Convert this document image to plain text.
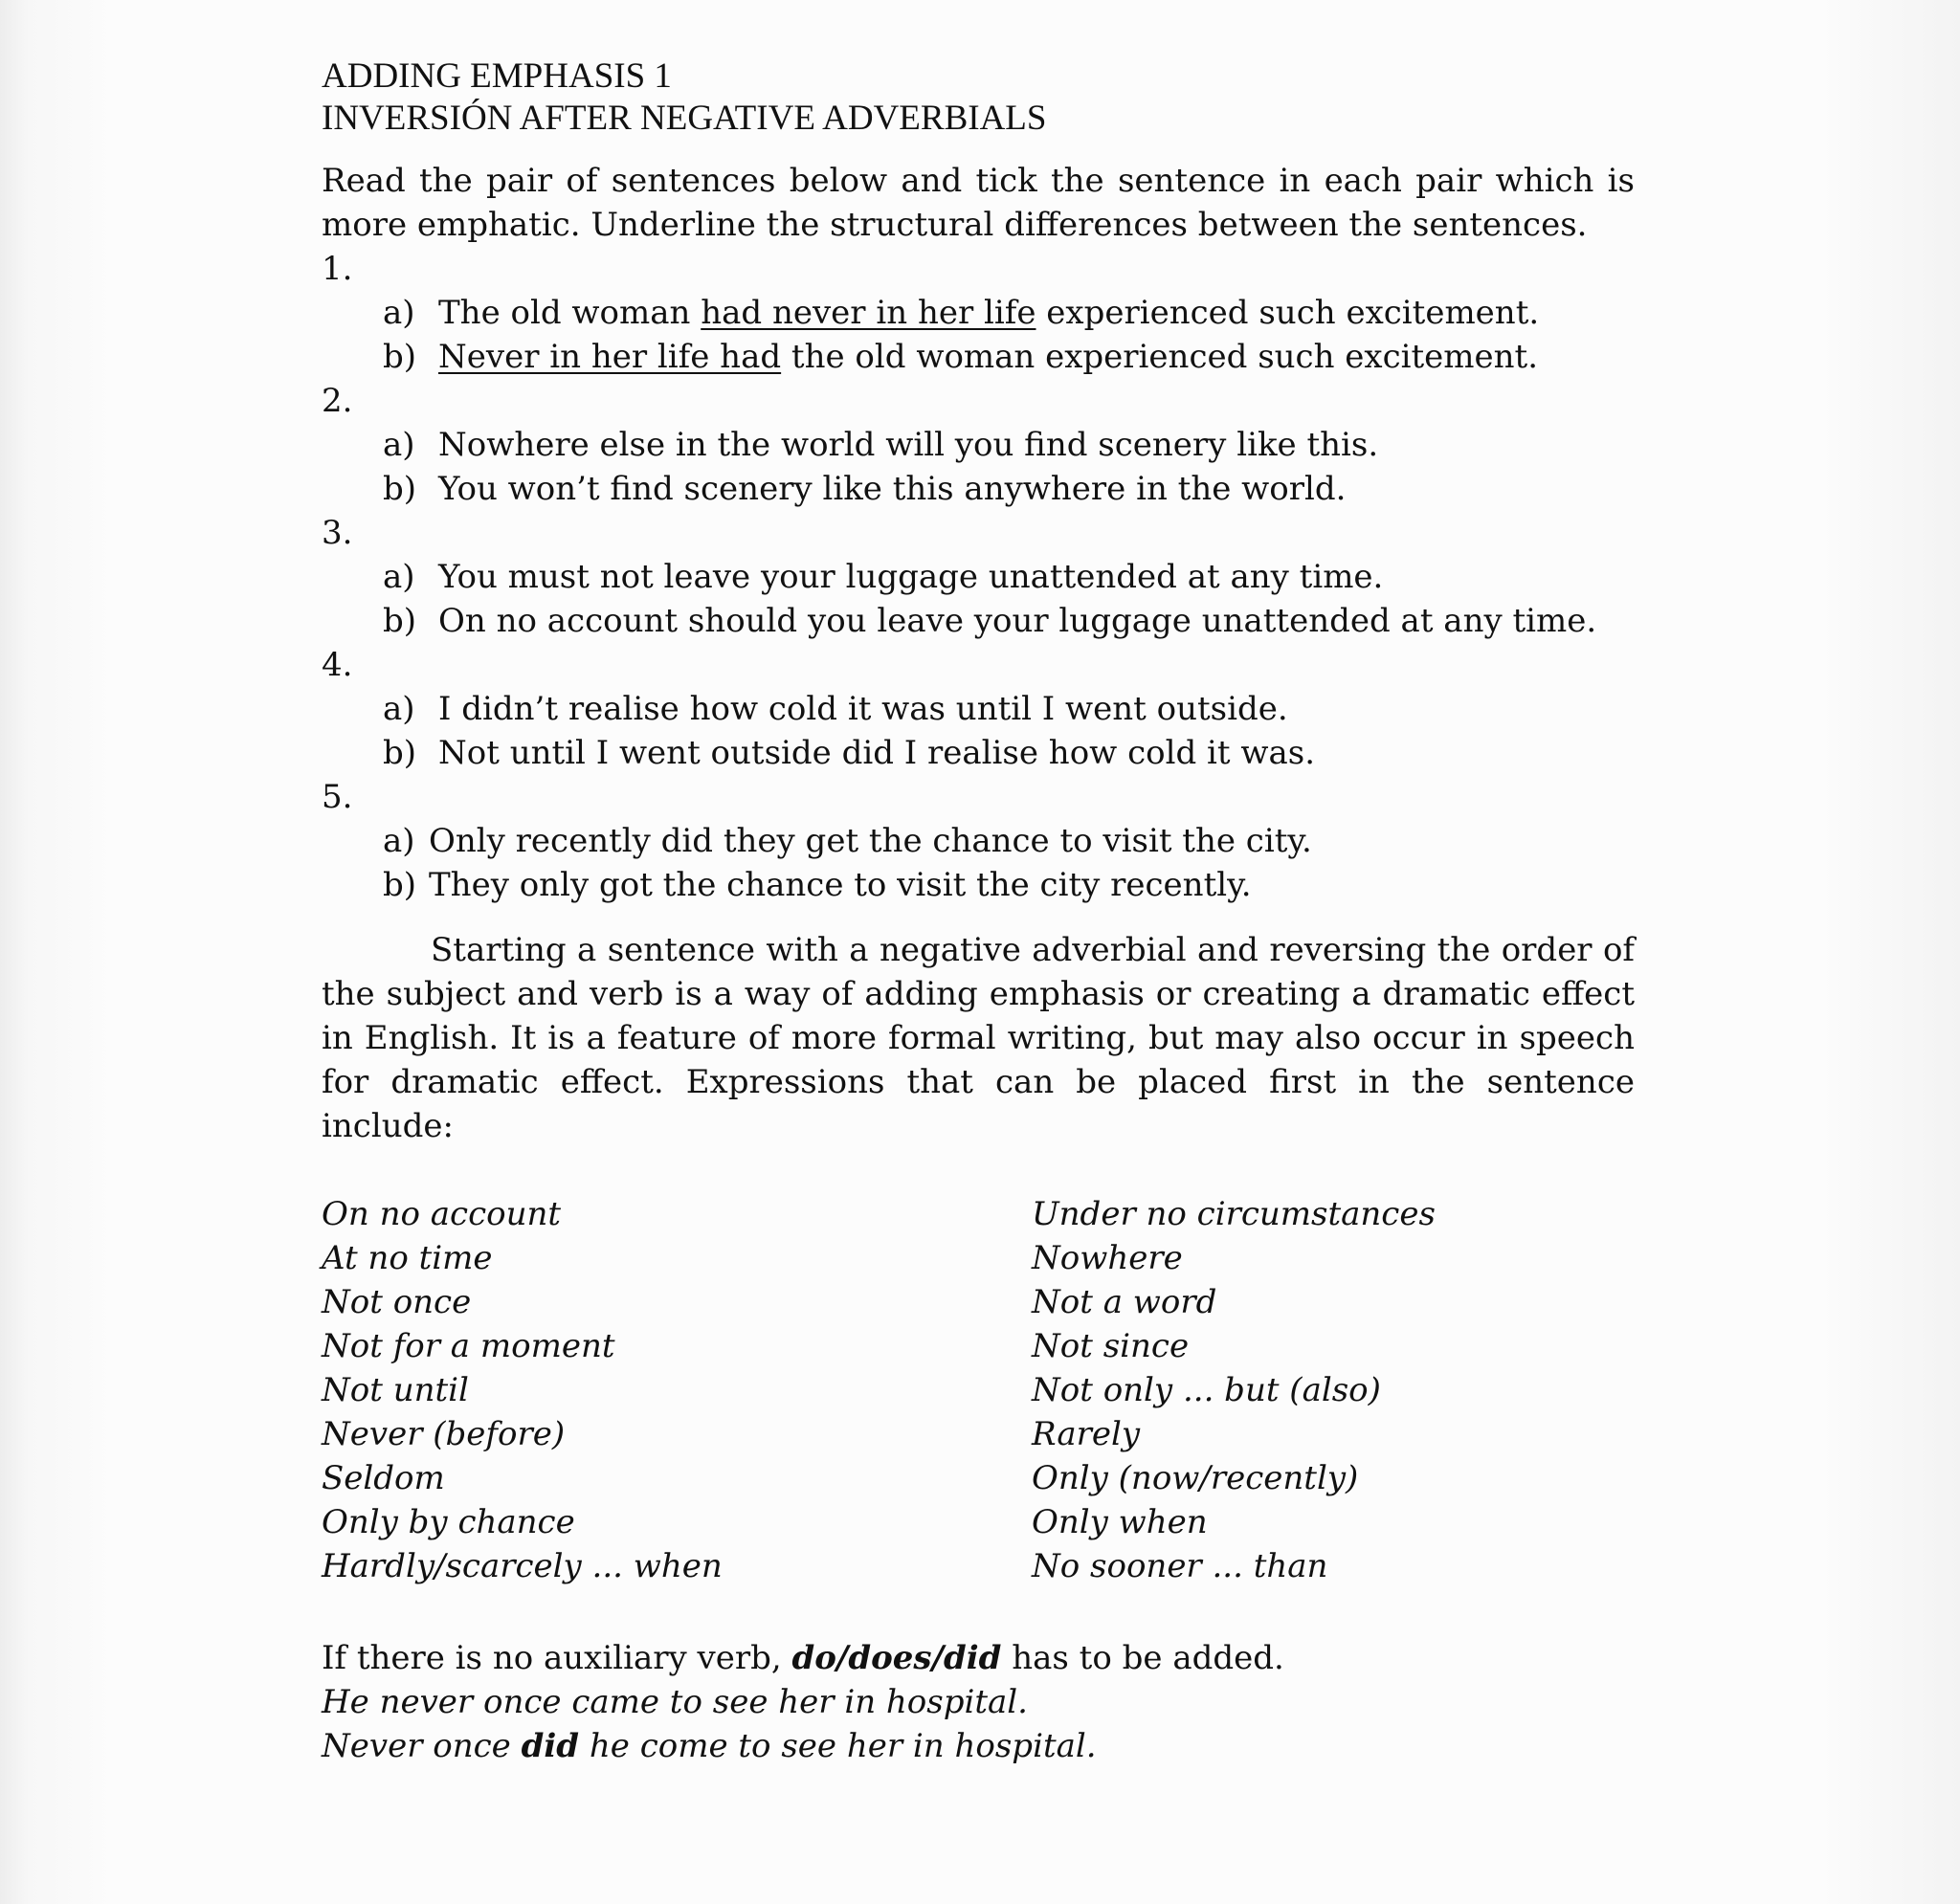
ADDING EMPHASIS 1
INVERSIÓN AFTER NEGATIVE ADVERBIALS
Read the pair of sentences below and tick the sentence in each pair which is more emphatic. Underline the structural differences between the sentences.
1.
a) The old woman had never in her life experienced such excitement.
b) Never in her life had the old woman experienced such excitement.
2.
a) Nowhere else in the world will you find scenery like this.
b) You won’t find scenery like this anywhere in the world.
3.
a) You must not leave your luggage unattended at any time.
b) On no account should you leave your luggage unattended at any time.
4.
a) I didn’t realise how cold it was until I went outside.
b) Not until I went outside did I realise how cold it was.
5.
a) Only recently did they get the chance to visit the city.
b) They only got the chance to visit the city recently.
Starting a sentence with a negative adverbial and reversing the order of the subject and verb is a way of adding emphasis or creating a dramatic effect in English. It is a feature of more formal writing, but may also occur in speech for dramatic effect. Expressions that can be placed first in the sentence include:
On no account
At no time
Not once
Not for a moment
Not until
Never (before)
Seldom
Only by chance
Hardly/scarcely ... when
Under no circumstances
Nowhere
Not a word
Not since
Not only ... but (also)
Rarely
Only (now/recently)
Only when
No sooner ... than
If there is no auxiliary verb, do/does/did has to be added.
He never once came to see her in hospital.
Never once did he come to see her in hospital.
